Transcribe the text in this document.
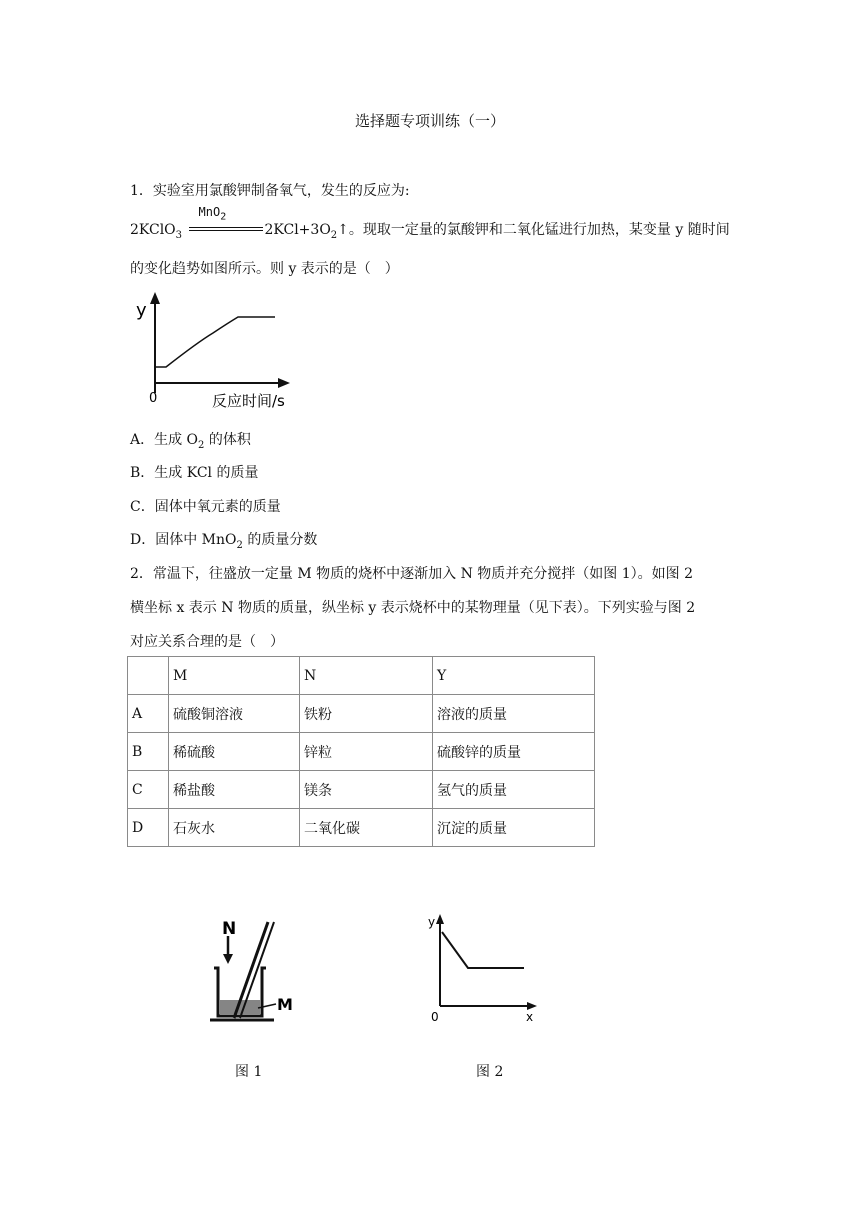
选择题专项训练（一）
1．实验室用氯酸钾制备氧气，发生的反应为:
2KClO$_3$
MnO$_2$
$2KCl+3O_2↑$。现取一定量的氯酸钾和二氧化锰进行加热，某变量 y 随时间
的变化趋势如图所示。则 y 表示的是（　）
y
0	反应时间/s
A．生成 $O_2$ 的体积
B．生成 KCl 的质量
C．固体中氧元素的质量
D．固体中 MnO$_2$ 的质量分数
2．常温下，往盛放一定量 M 物质的烧杯中逐渐加入 N 物质并充分搅拌（如图 1）。如图 2
横坐标 x 表示 N 物质的质量，纵坐标 y 表示烧杯中的某物理量（见下表）。下列实验与图 2
对应关系合理的是（　）
	M	N	Y
A	硫酸铜溶液	铁粉	溶液的质量
B	稀硫酸	锌粒	硫酸锌的质量
C	稀盐酸	镁条	氢气的质量
D	石灰水	二氧化碳	沉淀的质量
N
M
图 1
y
0	x
图 2
